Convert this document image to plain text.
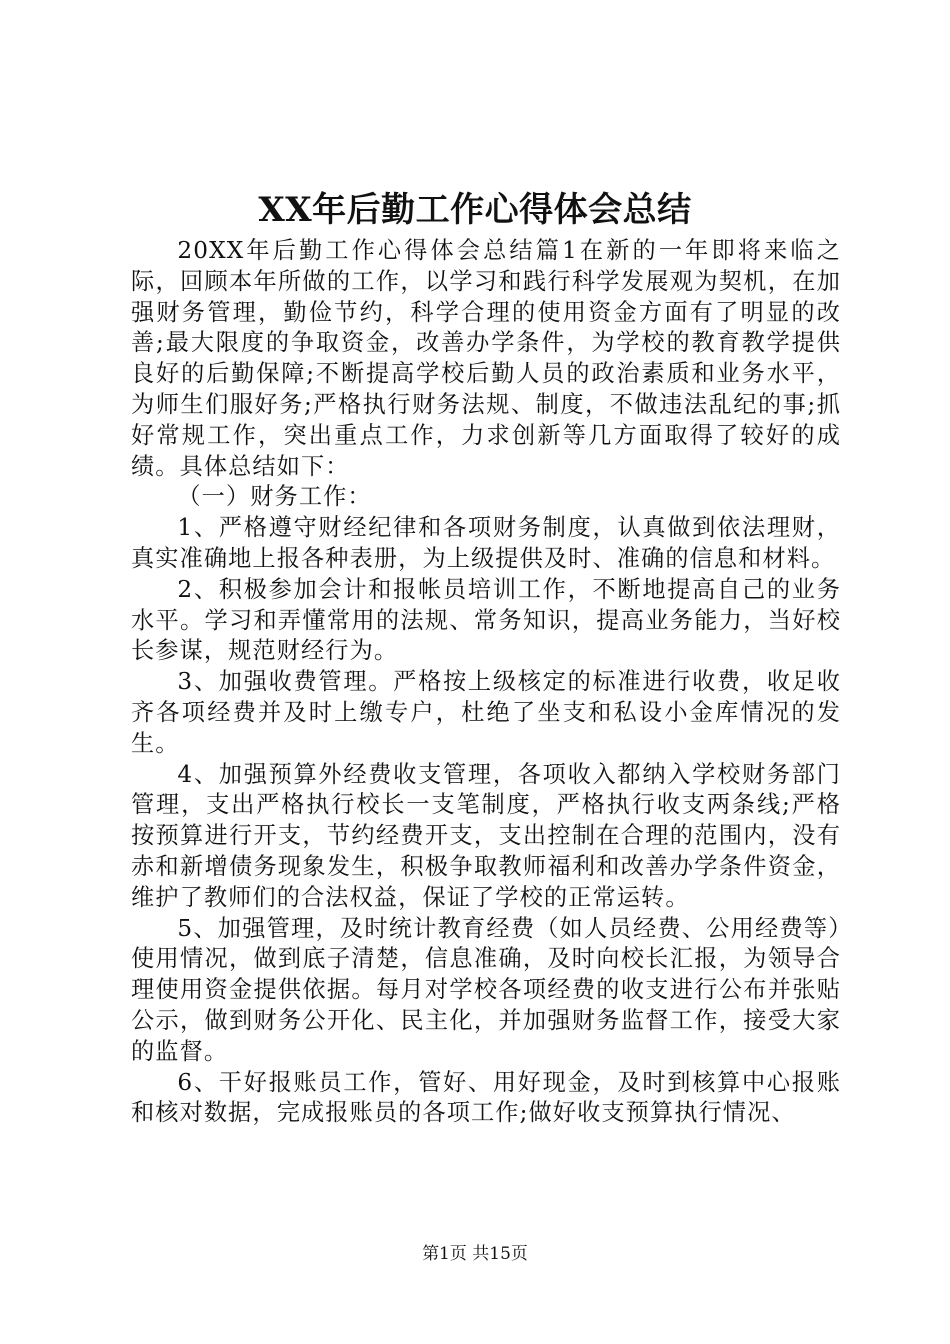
XX年后勤工作心得体会总结

20XX年后勤工作心得体会总结篇1在新的一年即将来临之际，回顾本年所做的工作，以学习和践行科学发展观为契机，在加强财务管理，勤俭节约，科学合理的使用资金方面有了明显的改善;最大限度的争取资金，改善办学条件，为学校的教育教学提供良好的后勤保障;不断提高学校后勤人员的政治素质和业务水平，为师生们服好务;严格执行财务法规、制度，不做违法乱纪的事;抓好常规工作，突出重点工作，力求创新等几方面取得了较好的成绩。具体总结如下：

（一）财务工作：

1、严格遵守财经纪律和各项财务制度，认真做到依法理财，真实准确地上报各种表册，为上级提供及时、准确的信息和材料。

2、积极参加会计和报帐员培训工作，不断地提高自己的业务水平。学习和弄懂常用的法规、常务知识，提高业务能力，当好校长参谋，规范财经行为。

3、加强收费管理。严格按上级核定的标准进行收费，收足收齐各项经费并及时上缴专户，杜绝了坐支和私设小金库情况的发生。

4、加强预算外经费收支管理，各项收入都纳入学校财务部门管理，支出严格执行校长一支笔制度，严格执行收支两条线;严格按预算进行开支，节约经费开支，支出控制在合理的范围内，没有赤和新增债务现象发生，积极争取教师福利和改善办学条件资金，维护了教师们的合法权益，保证了学校的正常运转。

5、加强管理，及时统计教育经费（如人员经费、公用经费等）使用情况，做到底子清楚，信息准确，及时向校长汇报，为领导合理使用资金提供依据。每月对学校各项经费的收支进行公布并张贴公示，做到财务公开化、民主化，并加强财务监督工作，接受大家的监督。

6、干好报账员工作，管好、用好现金，及时到核算中心报账和核对数据，完成报账员的各项工作;做好收支预算执行情况、

第1页 共15页
